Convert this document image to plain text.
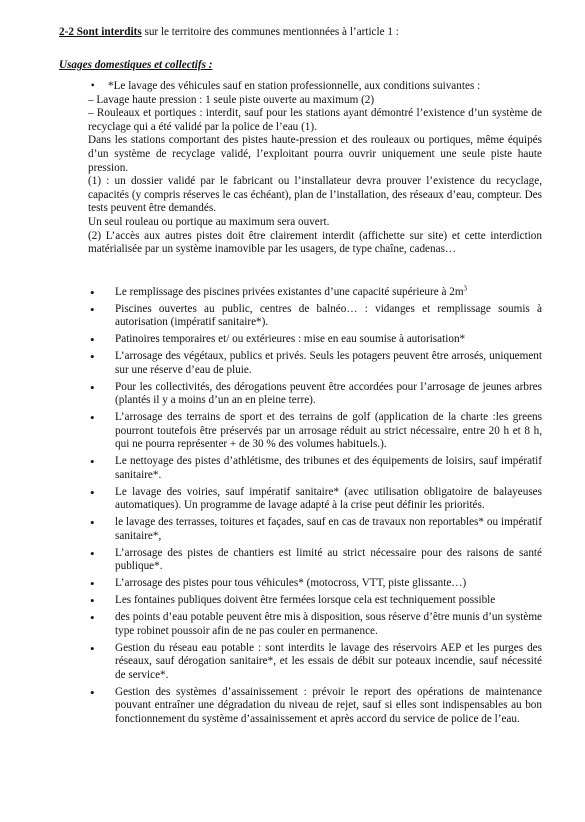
2-2 Sont interdits sur le territoire des communes mentionnées à l’article 1 :
Usages domestiques et collectifs :

• *Le lavage des véhicules sauf en station professionnelle, aux conditions suivantes :

– Lavage haute pression : 1 seule piste ouverte au maximum (2)

– Rouleaux et portiques : interdit, sauf pour les stations ayant démontré l’existence d’un système de recyclage qui a été validé par la police de l’eau (1).

Dans les stations comportant des pistes haute-pression et des rouleaux ou portiques, même équipés d’un système de recyclage validé, l’exploitant pourra ouvrir uniquement une seule piste haute pression.

(1) : un dossier validé par le fabricant ou l’installateur devra prouver l’existence du recyclage, capacités (y compris réserves le cas échéant), plan de l’installation, des réseaux d’eau, compteur. Des tests peuvent être demandés.

Un seul rouleau ou portique au maximum sera ouvert.

(2) L’accès aux autres pistes doit être clairement interdit (affichette sur site) et cette interdiction matérialisée par un système inamovible par les usagers, de type chaîne, cadenas…

• Le remplissage des piscines privées existantes d’une capacité supérieure à $2m^3$
• Piscines ouvertes au public, centres de balnéo… : vidanges et remplissage soumis à autorisation (impératif sanitaire*).
• Patinoires temporaires et/ ou extérieures : mise en eau soumise à autorisation*
• L’arrosage des végétaux, publics et privés. Seuls les potagers peuvent être arrosés, uniquement sur une réserve d’eau de pluie.
• Pour les collectivités, des dérogations peuvent être accordées pour l’arrosage de jeunes arbres (plantés il y a moins d’un an en pleine terre).
• L’arrosage des terrains de sport et des terrains de golf (application de la charte :les greens pourront toutefois être préservés par un arrosage réduit au strict nécessaire, entre 20 h et 8 h, qui ne pourra représenter + de 30 % des volumes habituels.).
• Le nettoyage des pistes d’athlétisme, des tribunes et des équipements de loisirs, sauf impératif sanitaire*.
• Le lavage des voiries, sauf impératif sanitaire* (avec utilisation obligatoire de balayeuses automatiques). Un programme de lavage adapté à la crise peut définir les priorités.
• le lavage des terrasses, toitures et façades, sauf en cas de travaux non reportables* ou impératif sanitaire*,
• L’arrosage des pistes de chantiers est limité au strict nécessaire pour des raisons de santé publique*.
• L’arrosage des pistes pour tous véhicules* (motocross, VTT, piste glissante…)
• Les fontaines publiques doivent être fermées lorsque cela est techniquement possible
• des points d’eau potable peuvent être mis à disposition, sous réserve d’être munis d’un système type robinet poussoir afin de ne pas couler en permanence.
• Gestion du réseau eau potable : sont interdits le lavage des réservoirs AEP et les purges des réseaux, sauf dérogation sanitaire*, et les essais de débit sur poteaux incendie, sauf nécessité de service*.
• Gestion des systèmes d’assainissement : prévoir le report des opérations de maintenance pouvant entraîner une dégradation du niveau de rejet, sauf si elles sont indispensables au bon fonctionnement du système d’assainissement et après accord du service de police de l’eau.
